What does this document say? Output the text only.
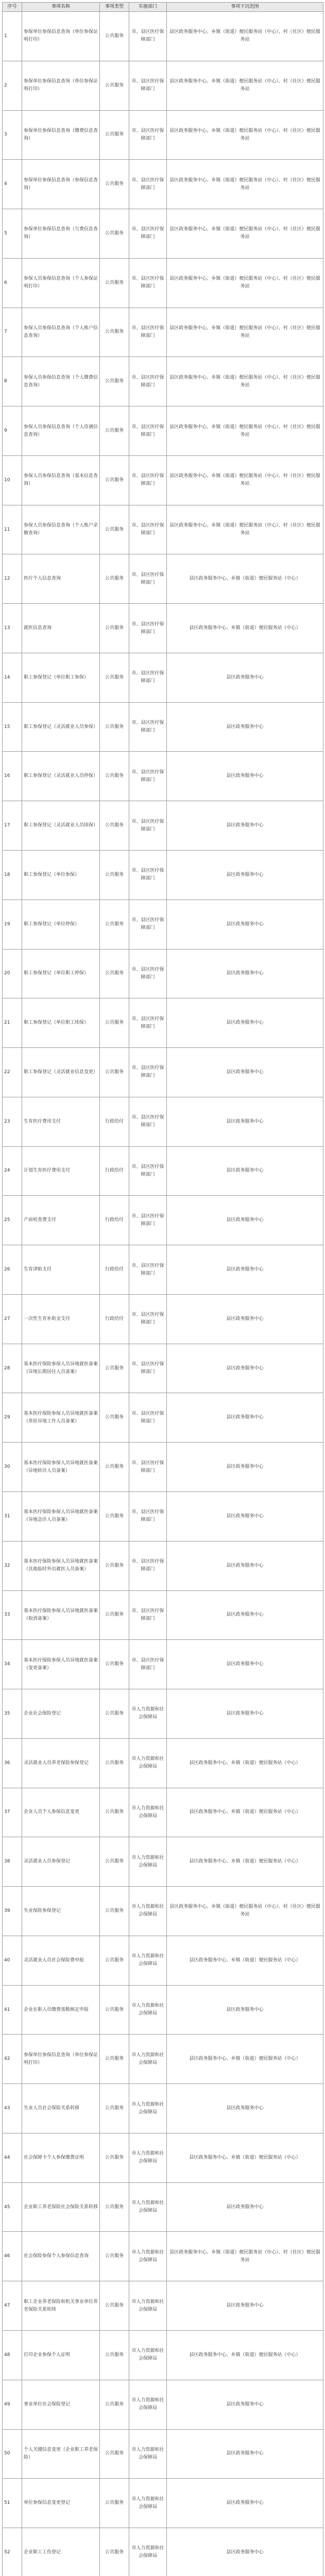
序号	事项名称	事项类型	实施部门	事项下沉范围
1	参保单位参保信息查询（单位参保证明打印）	公共服务	市、县区医疗保障部门	县区政务服务中心、乡镇（街道）便民服务站（中心）、村（社区）便民服务站
2	参保单位参保信息查询（单位参保证明打印）	公共服务	市、县区医疗保障部门	县区政务服务中心、乡镇（街道）便民服务站（中心）、村（社区）便民服务站
3	参保单位参保信息查询（缴费信息查询）	公共服务	市、县区医疗保障部门	县区政务服务中心、乡镇（街道）便民服务站（中心）、村（社区）便民服务站
4	参保单位参保信息查询（参保信息查询）	公共服务	市、县区医疗保障部门	县区政务服务中心、乡镇（街道）便民服务站（中心）、村（社区）便民服务站
5	参保单位参保信息查询（欠费信息查询）	公共服务	市、县区医疗保障部门	县区政务服务中心、乡镇（街道）便民服务站（中心）、村（社区）便民服务站
6	参保人员参保信息查询（个人参保证明打印）	公共服务	市、县区医疗保障部门	县区政务服务中心、乡镇（街道）便民服务站（中心）、村（社区）便民服务站
7	参保人员参保信息查询（个人账户信息查询）	公共服务	市、县区医疗保障部门	县区政务服务中心、乡镇（街道）便民服务站（中心）、村（社区）便民服务站
8	参保人员参保信息查询（个人缴费信息查询）	公共服务	市、县区医疗保障部门	县区政务服务中心、乡镇（街道）便民服务站（中心）、村（社区）便民服务站
9	参保人员参保信息查询（个人待遇信息查询）	公共服务	市、县区医疗保障部门	县区政务服务中心、乡镇（街道）便民服务站（中心）、村（社区）便民服务站
10	参保人员参保信息查询（基本信息查询）	公共服务	市、县区医疗保障部门	县区政务服务中心、乡镇（街道）便民服务站（中心）、村（社区）便民服务站
11	参保人员参保信息查询（个人账户余额查询）	公共服务	市、县区医疗保障部门	县区政务服务中心、乡镇（街道）便民服务站（中心）、村（社区）便民服务站
12	医疗个人信息查询	公共服务	市、县区医疗保障部门	县区政务服务中心、乡镇（街道）便民服务站（中心）
13	就医信息查询	公共服务	市、县区医疗保障部门	县区政务服务中心、乡镇（街道）便民服务站（中心）
14	职工参保登记（单位职工参保）	公共服务	市、县区医疗保障部门	县区政务服务中心
15	职工参保登记（灵活就业人员参保）	公共服务	市、县区医疗保障部门	县区政务服务中心
16	职工参保登记（灵活就业人员停保）	公共服务	市、县区医疗保障部门	县区政务服务中心
17	职工参保登记（灵活就业人员续保）	公共服务	市、县区医疗保障部门	县区政务服务中心
18	职工参保登记（单位参保）	公共服务	市、县区医疗保障部门	县区政务服务中心
19	职工参保登记（单位停保）	公共服务	市、县区医疗保障部门	县区政务服务中心
20	职工参保登记（单位职工停保）	公共服务	市、县区医疗保障部门	县区政务服务中心
21	职工参保登记（单位职工续保）	公共服务	市、县区医疗保障部门	县区政务服务中心
22	职工参保登记（灵活就业信息变更）	公共服务	市、县区医疗保障部门	县区政务服务中心
23	生育医疗费用支付	行政给付	市、县区医疗保障部门	县区政务服务中心
24	计划生育医疗费用支付	行政给付	市、县区医疗保障部门	县区政务服务中心
25	产前检查费支付	行政给付	市、县区医疗保障部门	县区政务服务中心
26	生育津贴支付	行政给付	市、县区医疗保障部门	县区政务服务中心
27	一次性生育补助金支付	行政给付	市、县区医疗保障部门	县区政务服务中心
28	基本医疗保险参保人员异地就医备案（异地长期居住人员备案）	公共服务	市、县区医疗保障部门	县区政务服务中心
29	基本医疗保险参保人员异地就医备案（常驻异地工作人员备案）	公共服务	市、县区医疗保障部门	县区政务服务中心
30	基本医疗保险参保人员异地就医备案（异地转诊人员备案）	公共服务	市、县区医疗保障部门	县区政务服务中心
31	基本医疗保险参保人员异地就医备案（异地急诊人员备案）	公共服务	市、县区医疗保障部门	县区政务服务中心
32	基本医疗保险参保人员异地就医备案（其他临时外出就医人员备案）	公共服务	市、县区医疗保障部门	县区政务服务中心
33	基本医疗保险参保人员异地就医备案（取消备案）	公共服务	市、县区医疗保障部门	县区政务服务中心
34	基本医疗保险参保人员异地就医备案（变更备案）	公共服务	市、县区医疗保障部门	县区政务服务中心
35	企业社会保险登记	公共服务	市人力资源和社会保障局	县区政务服务中心
36	灵活就业人员养老保险参保登记	公共服务	市人力资源和社会保障局	县区政务服务中心、乡镇（街道）便民服务站（中心）
37	企业人员个人参保信息变更	公共服务	市人力资源和社会保障局	县区政务服务中心、乡镇（街道）便民服务站（中心）
38	灵活就业人员参保登记	公共服务	市人力资源和社会保障局	县区政务服务中心、乡镇（街道）便民服务站（中心）
39	失业保险参保登记	公共服务	市人力资源和社会保障局	县区政务服务中心、乡镇（街道）便民服务站（中心）、村（社区）便民服务站
40	灵活就业人员社会保险费申报	公共服务	市人力资源和社会保障局	县区政务服务中心、乡镇（街道）便民服务站（中心）
41	企业在职人员缴费基数核定申报	公共服务	市人力资源和社会保障局	县区政务服务中心
42	参保单位参保信息查询（单位参保证明打印）	公共服务	市人力资源和社会保障局	县区政务服务中心、乡镇（街道）便民服务站（中心）
43	失业人员社会保险关系转移	公共服务	市人力资源和社会保障局	县区政务服务中心
44	社会保障卡个人参保缴费证明	公共服务	市人力资源和社会保障局	县区政务服务中心、乡镇（街道）便民服务站（中心）
45	企业职工养老保险社会保险关系转移	公共服务	市人力资源和社会保障局	县区政务服务中心
46	社会保险参保个人参保信息查询	公共服务	市人力资源和社会保障局	县区政务服务中心、乡镇（街道）便民服务站（中心）、村（社区）便民服务站
47	职工企业养老保险和机关事业单位养老保险关系转续	公共服务	市人力资源和社会保障局	县区政务服务中心
48	打印企业参保个人证明	公共服务	市人力资源和社会保障局	县区政务服务中心、乡镇（街道）便民服务站（中心）
49	事业单位社会保险登记	公共服务	市人力资源和社会保障局	县区政务服务中心
50	个人关键信息变更（企业职工养老保险）	公共服务	市人力资源和社会保障局	县区政务服务中心
51	单位参保信息变更登记	公共服务	市人力资源和社会保障局	县区政务服务中心
52	企业职工工伤登记	公共服务	市人力资源和社会保障局	县区政务服务中心
